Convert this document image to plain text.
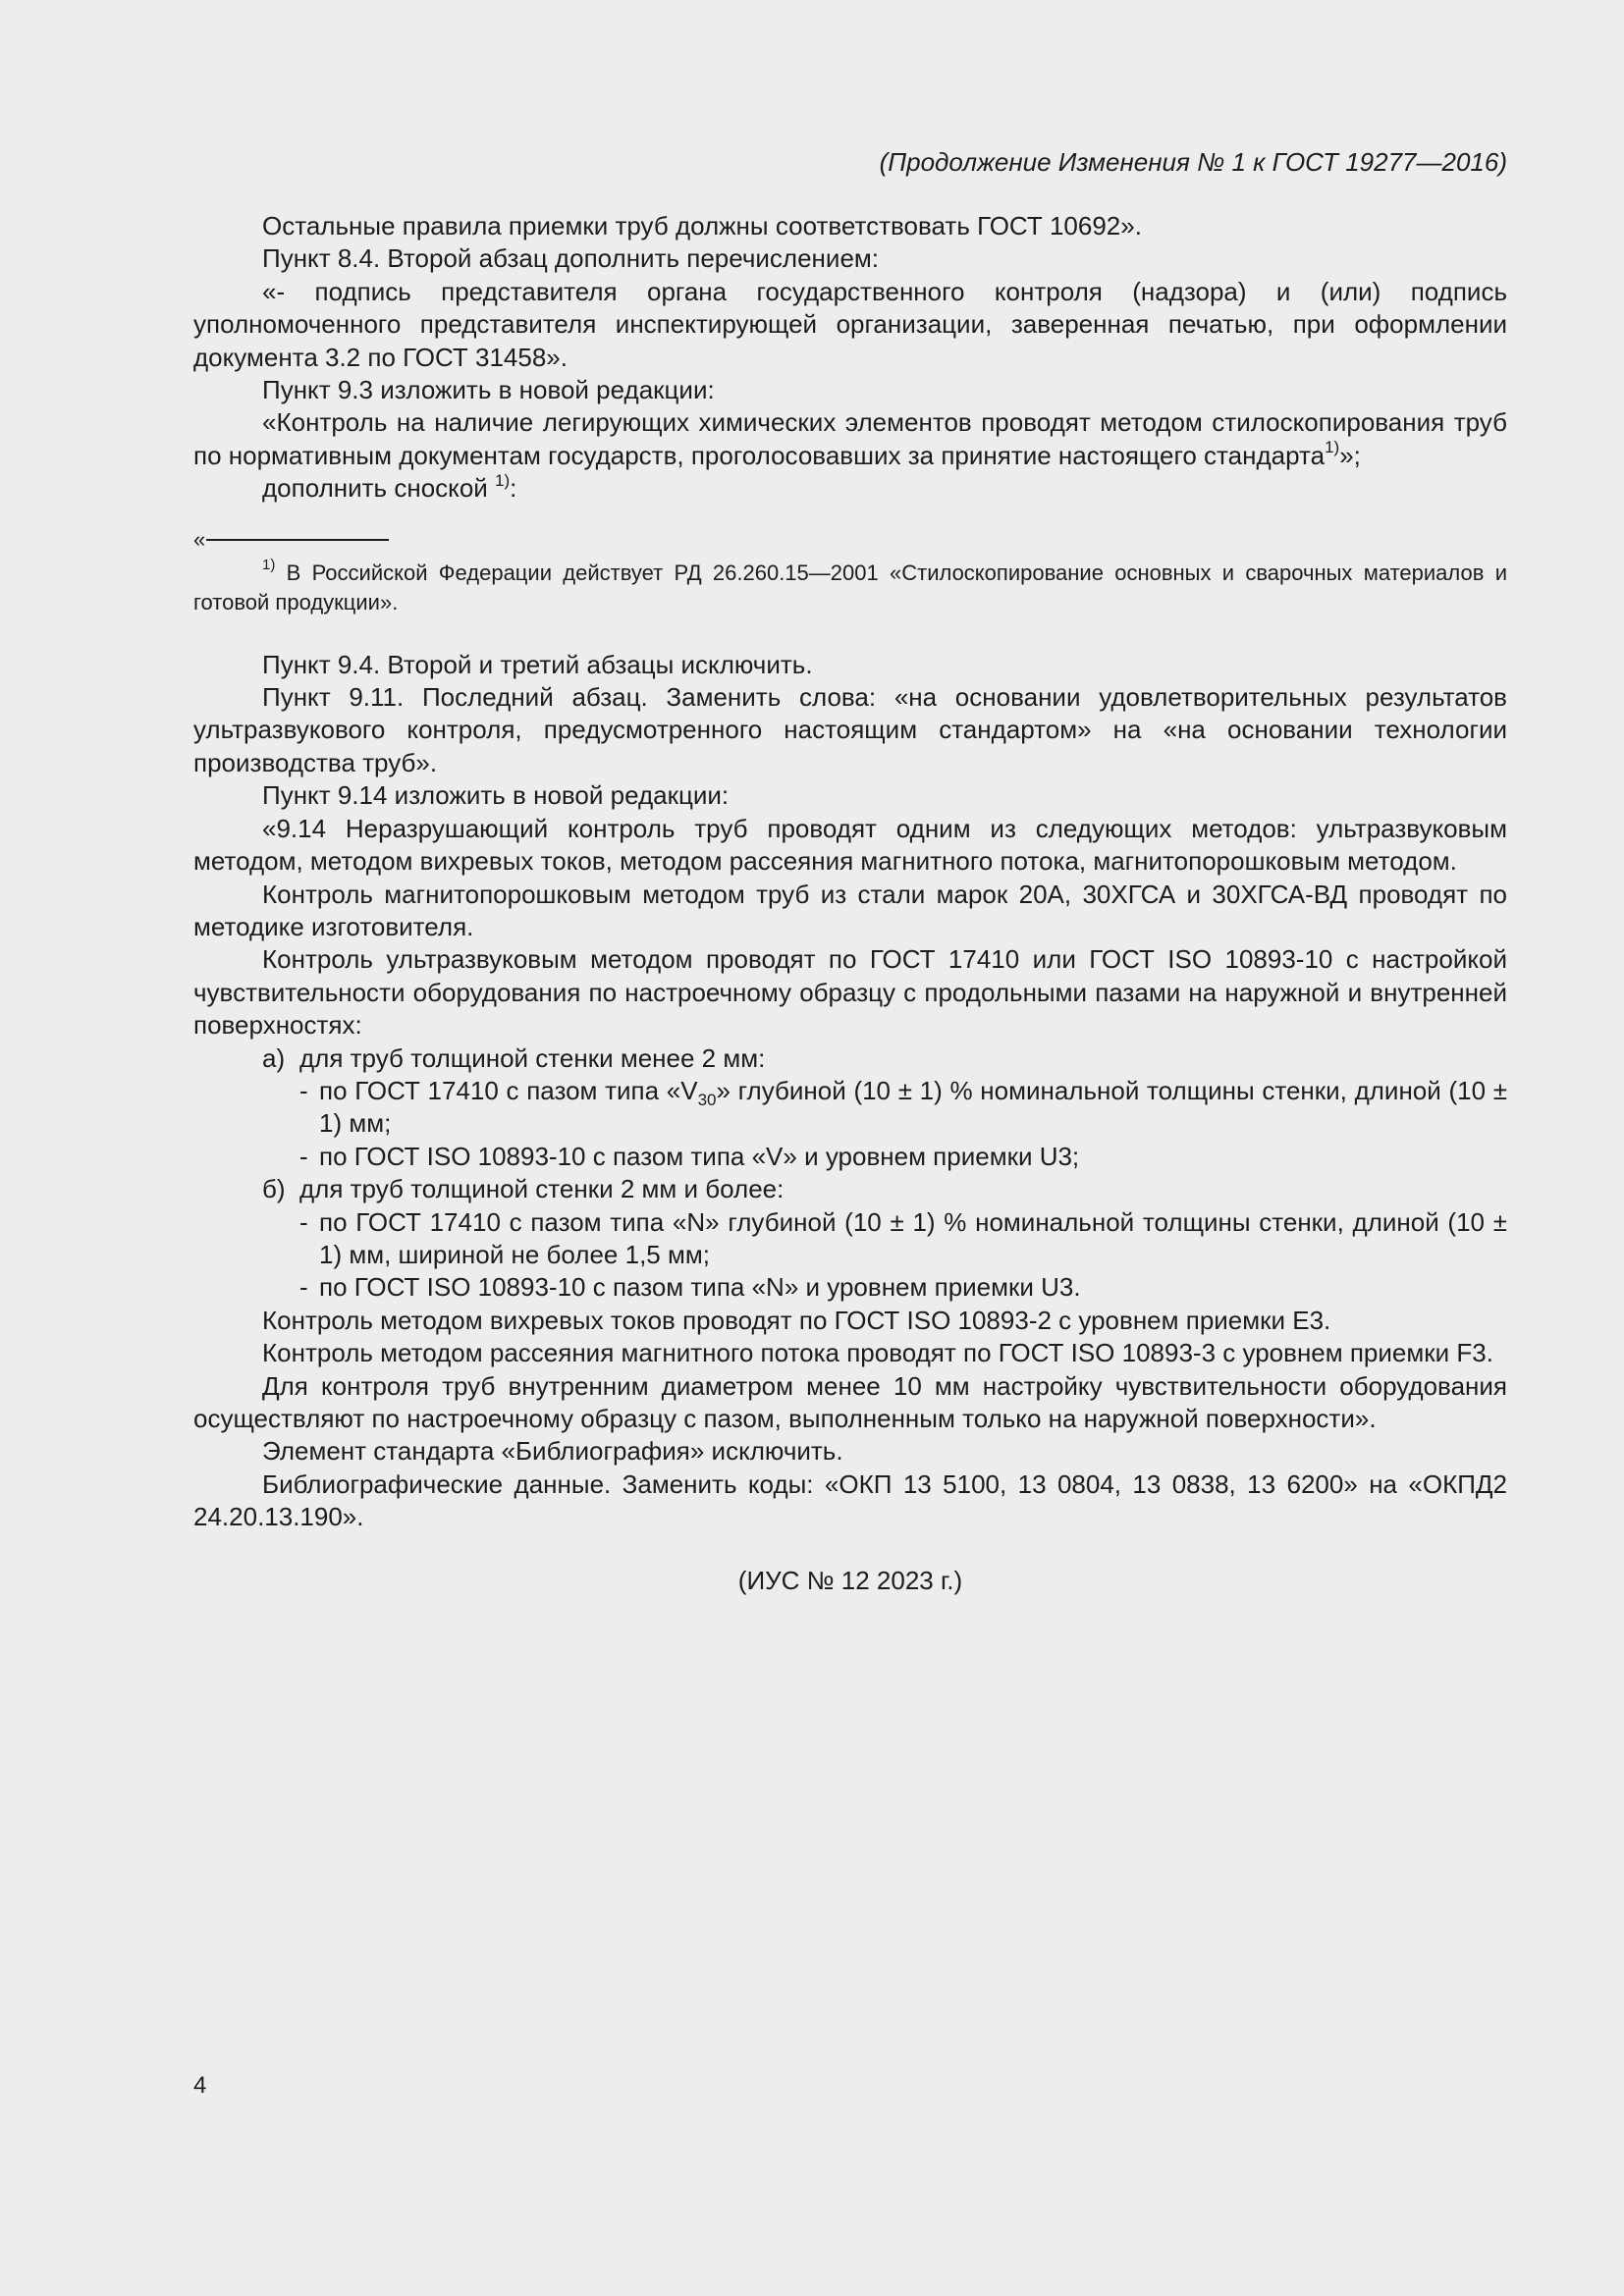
(Продолжение Изменения № 1 к ГОСТ 19277—2016)

Остальные правила приемки труб должны соответствовать ГОСТ 10692».

Пункт 8.4. Второй абзац дополнить перечислением:

«- подпись представителя органа государственного контроля (надзора) и (или) подпись уполномоченного представителя инспектирующей организации, заверенная печатью, при оформлении документа 3.2 по ГОСТ 31458».

Пункт 9.3 изложить в новой редакции:

«Контроль на наличие легирующих химических элементов проводят методом стилоскопирования труб по нормативным документам государств, проголосовавших за принятие настоящего стандарта$^{1)}$»;

дополнить сноской $^{1)}$:

«

$^{1)}$ В Российской Федерации действует РД 26.260.15—2001 «Стилоскопирование основных и сварочных материалов и готовой продукции».

Пункт 9.4. Второй и третий абзацы исключить.

Пункт 9.11. Последний абзац. Заменить слова: «на основании удовлетворительных результатов ультразвукового контроля, предусмотренного настоящим стандартом» на «на основании технологии производства труб».

Пункт 9.14 изложить в новой редакции:

«9.14 Неразрушающий контроль труб проводят одним из следующих методов: ультразвуковым методом, методом вихревых токов, методом рассеяния магнитного потока, магнитопорошковым методом.

Контроль магнитопорошковым методом труб из стали марок 20А, 30ХГСА и 30ХГСА-ВД проводят по методике изготовителя.

Контроль ультразвуковым методом проводят по ГОСТ 17410 или ГОСТ ISO 10893-10 с настройкой чувствительности оборудования по настроечному образцу с продольными пазами на наружной и внутренней поверхностях:

а) для труб толщиной стенки менее 2 мм:
- по ГОСТ 17410 с пазом типа «$V_{30}$» глубиной (10 ± 1) % номинальной толщины стенки, длиной (10 ± 1) мм;
- по ГОСТ ISO 10893-10 с пазом типа «V» и уровнем приемки U3;
б) для труб толщиной стенки 2 мм и более:
- по ГОСТ 17410 с пазом типа «N» глубиной (10 ± 1) % номинальной толщины стенки, длиной (10 ± 1) мм, шириной не более 1,5 мм;
- по ГОСТ ISO 10893-10 с пазом типа «N» и уровнем приемки U3.

Контроль методом вихревых токов проводят по ГОСТ ISO 10893-2 с уровнем приемки Е3.

Контроль методом рассеяния магнитного потока проводят по ГОСТ ISO 10893-3 с уровнем приемки F3.

Для контроля труб внутренним диаметром менее 10 мм настройку чувствительности оборудования осуществляют по настроечному образцу с пазом, выполненным только на наружной поверхности».

Элемент стандарта «Библиография» исключить.

Библиографические данные. Заменить коды: «ОКП 13 5100, 13 0804, 13 0838, 13 6200» на «ОКПД2 24.20.13.190».

(ИУС № 12 2023 г.)
4
